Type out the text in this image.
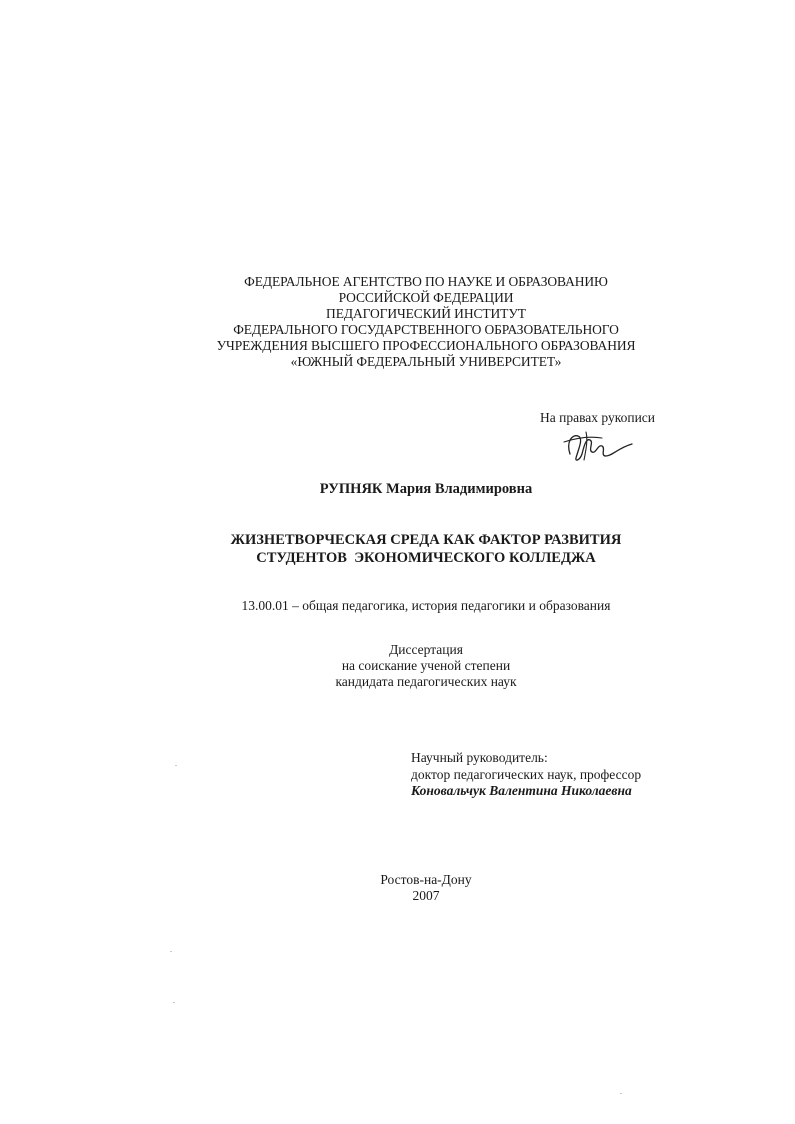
ФЕДЕРАЛЬНОЕ АГЕНТСТВО ПО НАУКЕ И ОБРАЗОВАНИЮ
РОССИЙСКОЙ ФЕДЕРАЦИИ
ПЕДАГОГИЧЕСКИЙ ИНСТИТУТ
ФЕДЕРАЛЬНОГО ГОСУДАРСТВЕННОГО ОБРАЗОВАТЕЛЬНОГО
УЧРЕЖДЕНИЯ ВЫСШЕГО ПРОФЕССИОНАЛЬНОГО ОБРАЗОВАНИЯ
«ЮЖНЫЙ ФЕДЕРАЛЬНЫЙ УНИВЕРСИТЕТ»
На правах рукописи
РУПНЯК Мария Владимировна
ЖИЗНЕТВОРЧЕСКАЯ СРЕДА КАК ФАКТОР РАЗВИТИЯ
СТУДЕНТОВ  ЭКОНОМИЧЕСКОГО КОЛЛЕДЖА
13.00.01 – общая педагогика, история педагогики и образования
Диссертация
на соискание ученой степени
кандидата педагогических наук
Научный руководитель:
доктор педагогических наук, профессор
Коновальчук Валентина Николаевна
Ростов-на-Дону
2007
